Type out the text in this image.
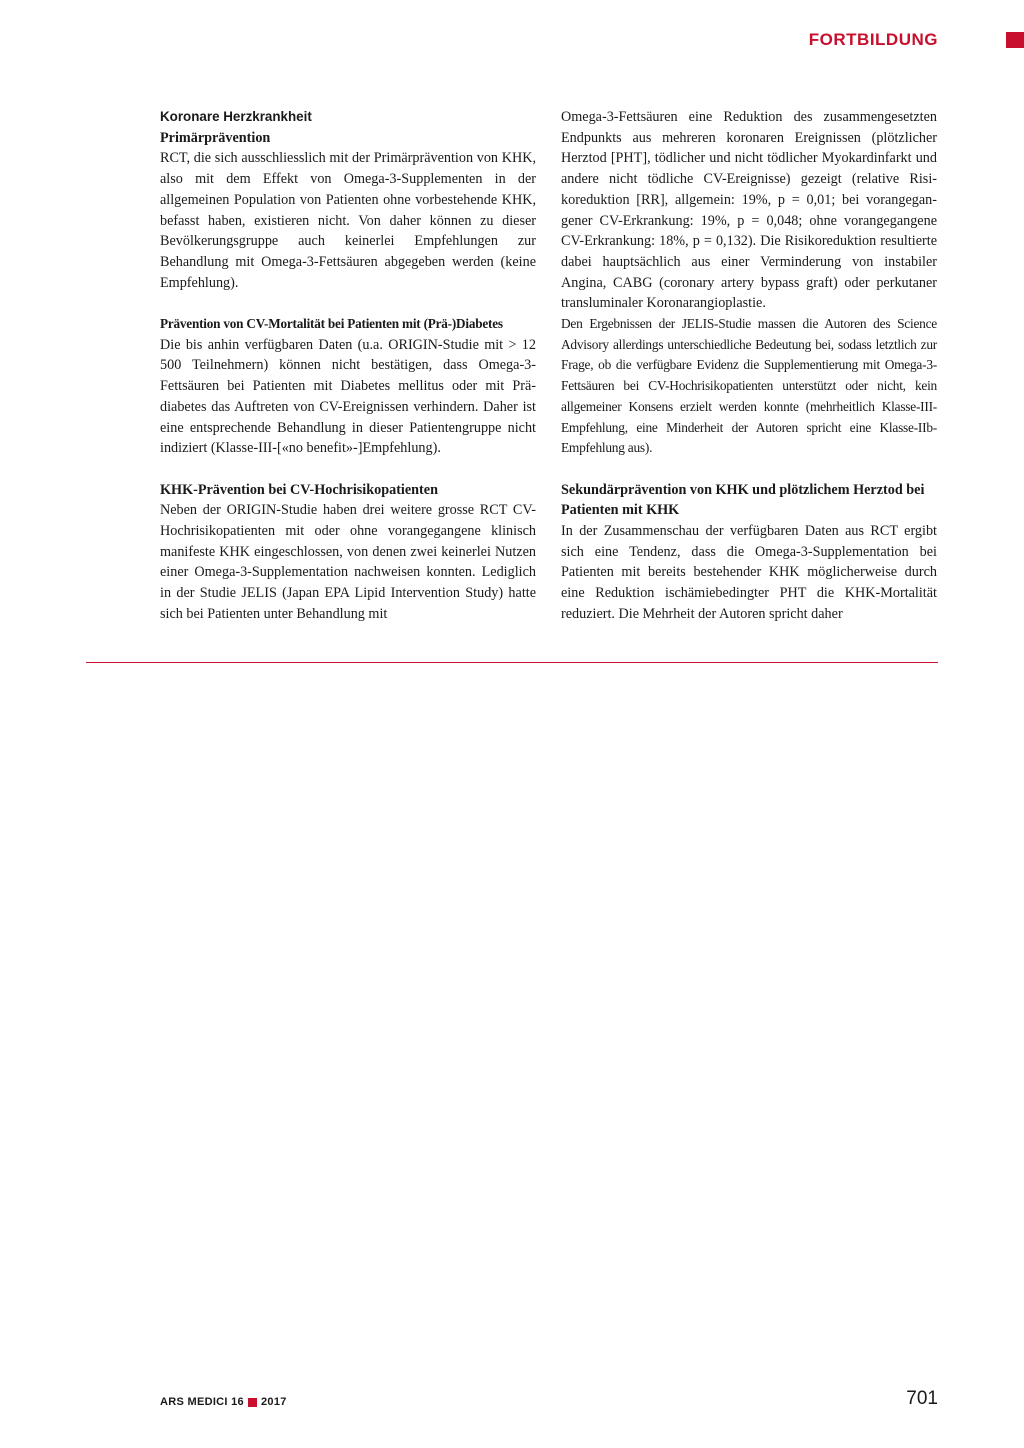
FORTBILDUNG

Koronare Herzkrankheit

Primärprävention

RCT, die sich ausschliesslich mit der Primärprävention von KHK, also mit dem Effekt von Omega-3-Supplementen in der allgemeinen Population von Patienten ohne vorbestehende KHK, befasst haben, existieren nicht. Von daher können zu dieser Bevölkerungsgruppe auch keinerlei Empfehlungen zur Behandlung mit Omega-3-Fettsäuren abgegeben werden (keine Empfehlung).

Prävention von CV-Mortalität bei Patienten mit (Prä-)Diabetes

Die bis anhin verfügbaren Daten (u.a. ORIGIN-Studie mit > 12 500 Teilnehmern) können nicht bestätigen, dass Omega-3-Fettsäuren bei Patienten mit Diabetes mellitus oder mit Prädiabetes das Auftreten von CV-Ereignissen verhindern. Daher ist eine entsprechende Behandlung in dieser Patientengruppe nicht indiziert (Klasse-III-[«no benefit»-]Empfehlung).

KHK-Prävention bei CV-Hochrisikopatienten

Neben der ORIGIN-Studie haben drei weitere grosse RCT CV-Hochrisikopatienten mit oder ohne vorangegangene klinisch manifeste KHK eingeschlossen, von denen zwei keinerlei Nutzen einer Omega-3-Supplementation nachweisen konnten. Lediglich in der Studie JELIS (Japan EPA Lipid Intervention Study) hatte sich bei Patienten unter Behandlung mit

Omega-3-Fettsäuren eine Reduktion des zusammengesetzten Endpunkts aus mehreren koronaren Ereignissen (plötzlicher Herztod [PHT], tödlicher und nicht tödlicher Myokardinfarkt und andere nicht tödliche CV-Ereignisse) gezeigt (relative Risikoreduktion [RR], allgemein: 19%, p = 0,01; bei vorangegangener CV-Erkrankung: 19%, p = 0,048; ohne vorangegangene CV-Erkrankung: 18%, p = 0,132). Die Risikoreduktion resultierte dabei hauptsächlich aus einer Verminderung von instabiler Angina, CABG (coronary artery bypass graft) oder perkutaner transluminaler Koronarangioplastie.

Den Ergebnissen der JELIS-Studie massen die Autoren des Science Advisory allerdings unterschiedliche Bedeutung bei, sodass letztlich zur Frage, ob die verfügbare Evidenz die Supplementierung mit Omega-3-Fettsäuren bei CV-Hochrisikopatienten unterstützt oder nicht, kein allgemeiner Konsens erzielt werden konnte (mehrheitlich Klasse-III-Empfehlung, eine Minderheit der Autoren spricht eine Klasse-IIb-Empfehlung aus).

Sekundärprävention von KHK und plötzlichem Herztod bei Patienten mit KHK

In der Zusammenschau der verfügbaren Daten aus RCT ergibt sich eine Tendenz, dass die Omega-3-Supplementation bei Patienten mit bereits bestehender KHK möglicherweise durch eine Reduktion ischämiebedingter PHT die KHK-Mortalität reduziert. Die Mehrheit der Autoren spricht daher

ARS MEDICI 16 2017	701
